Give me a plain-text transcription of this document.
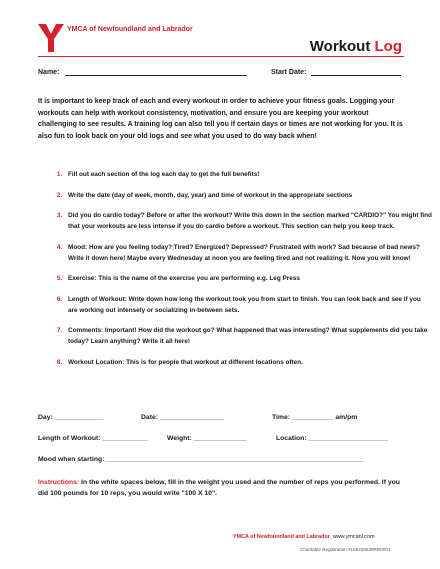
YMCA of Newfoundland and Labrador
Workout Log
Name:	Start Date:

It is important to keep track of each and every workout in order to achieve your fitness goals. Logging your workouts can help with workout consistency, motivation, and ensure you are keeping your workout challenging to see results. A training log can also tell you if certain days or times are not working for you. It is also fun to look back on your old logs and see what you used to do way back when!

1. Fill out each section of the log each day to get the full benefits!
2. Write the date (day of week, month, day, year) and time of workout in the appropriate sections
3. Did you do cardio today? Before or after the workout? Write this down in the section marked "CARDIO?" You might find that your workouts are less intense if you do cardio before a workout. This section can help you keep track.
4. Mood: How are you feeling today? Tired? Energized? Depressed? Frustrated with work? Sad because of bad news? Write it down here! Maybe every Wednesday at noon you are feeling tired and not realizing it. Now you will know!
5. Exercise: This is the name of the exercise you are performing e.g. Leg Press
6. Length of Workout: Write down how long the workout took you from start to finish. You can look back and see if you are working out intensely or socializing in-between sets.
7. Comments: Important! How did the workout go? What happened that was interesting? What supplements did you take today? Learn anything? Write it all here!
8. Workout Location: This is for people that workout at different locations often.
Day: _____________	Date: _________________	Time: ___________ am/pm
Length of Workout: ____________	Weight: ______________	Location: _____________________
Mood when starting: ____________________________________________________________________

Instructions: In the white spaces below, fill in the weight you used and the number of reps you performed. If you did 100 pounds for 10 reps, you would write "100 X 10".

YMCA of Newfoundland and Labrador www.ymcanl.com
Charitable Registration #108225539RR0001
